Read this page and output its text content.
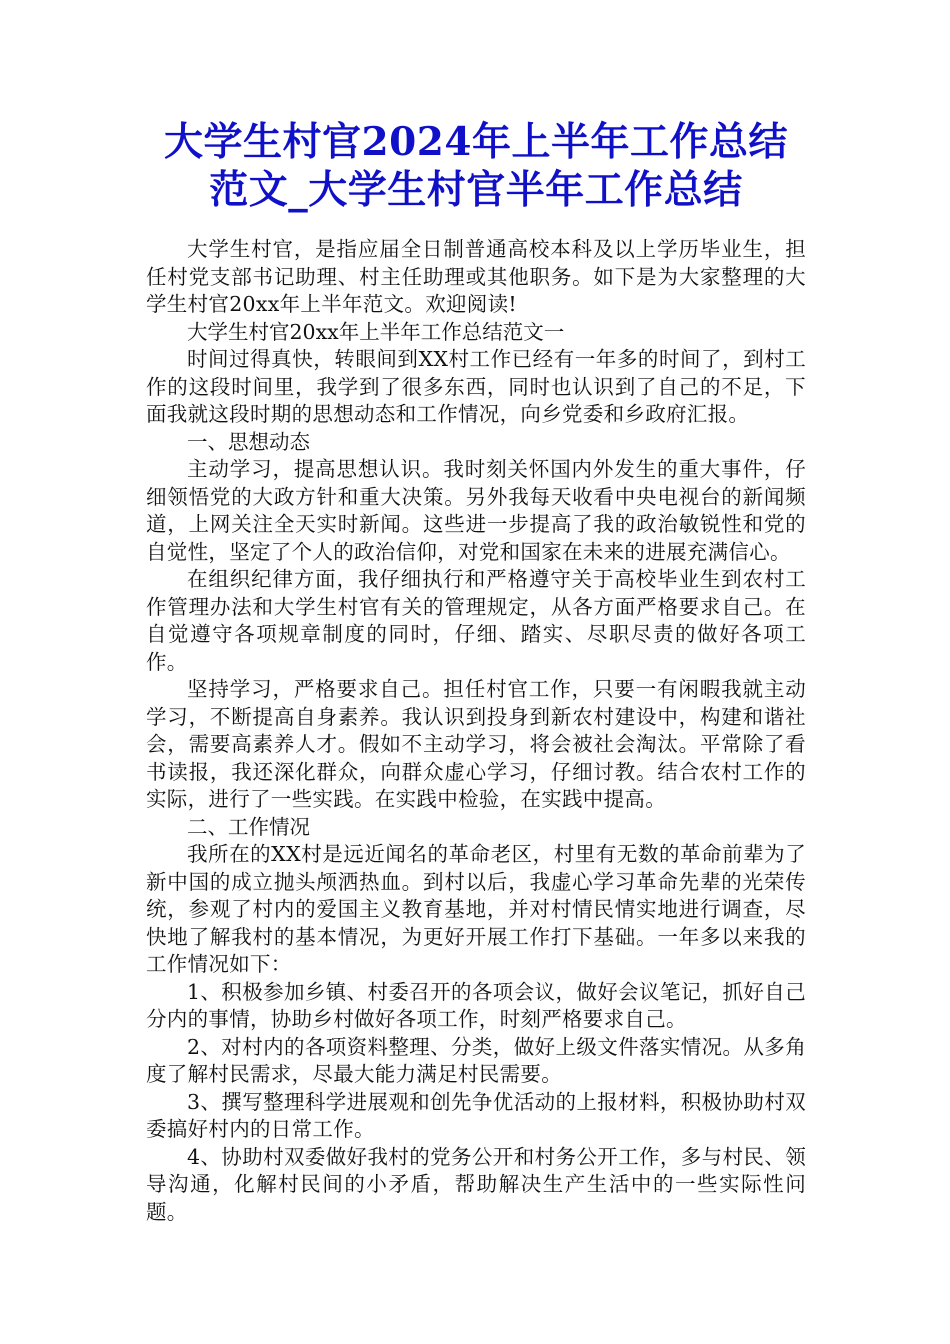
大学生村官2024年上半年工作总结
范文_大学生村官半年工作总结

大学生村官，是指应届全日制普通高校本科及以上学历毕业生，担任村党支部书记助理、村主任助理或其他职务。如下是为大家整理的大学生村官20xx年上半年范文。欢迎阅读!

大学生村官20xx年上半年工作总结范文一

时间过得真快，转眼间到XX村工作已经有一年多的时间了，到村工作的这段时间里，我学到了很多东西，同时也认识到了自己的不足，下面我就这段时期的思想动态和工作情况，向乡党委和乡政府汇报。

一、思想动态

主动学习，提高思想认识。我时刻关怀国内外发生的重大事件，仔细领悟党的大政方针和重大决策。另外我每天收看中央电视台的新闻频道，上网关注全天实时新闻。这些进一步提高了我的政治敏锐性和党的自觉性，坚定了个人的政治信仰，对党和国家在未来的进展充满信心。

在组织纪律方面，我仔细执行和严格遵守关于高校毕业生到农村工作管理办法和大学生村官有关的管理规定，从各方面严格要求自己。在自觉遵守各项规章制度的同时，仔细、踏实、尽职尽责的做好各项工作。

坚持学习，严格要求自己。担任村官工作，只要一有闲暇我就主动学习，不断提高自身素养。我认识到投身到新农村建设中，构建和谐社会，需要高素养人才。假如不主动学习，将会被社会淘汰。平常除了看书读报，我还深化群众，向群众虚心学习，仔细讨教。结合农村工作的实际，进行了一些实践。在实践中检验，在实践中提高。

二、工作情况

我所在的XX村是远近闻名的革命老区，村里有无数的革命前辈为了新中国的成立抛头颅洒热血。到村以后，我虚心学习革命先辈的光荣传统，参观了村内的爱国主义教育基地，并对村情民情实地进行调查，尽快地了解我村的基本情况，为更好开展工作打下基础。一年多以来我的工作情况如下：

1、积极参加乡镇、村委召开的各项会议，做好会议笔记，抓好自己分内的事情，协助乡村做好各项工作，时刻严格要求自己。

2、对村内的各项资料整理、分类，做好上级文件落实情况。从多角度了解村民需求，尽最大能力满足村民需要。

3、撰写整理科学进展观和创先争优活动的上报材料，积极协助村双委搞好村内的日常工作。

4、协助村双委做好我村的党务公开和村务公开工作，多与村民、领导沟通，化解村民间的小矛盾，帮助解决生产生活中的一些实际性问题。
